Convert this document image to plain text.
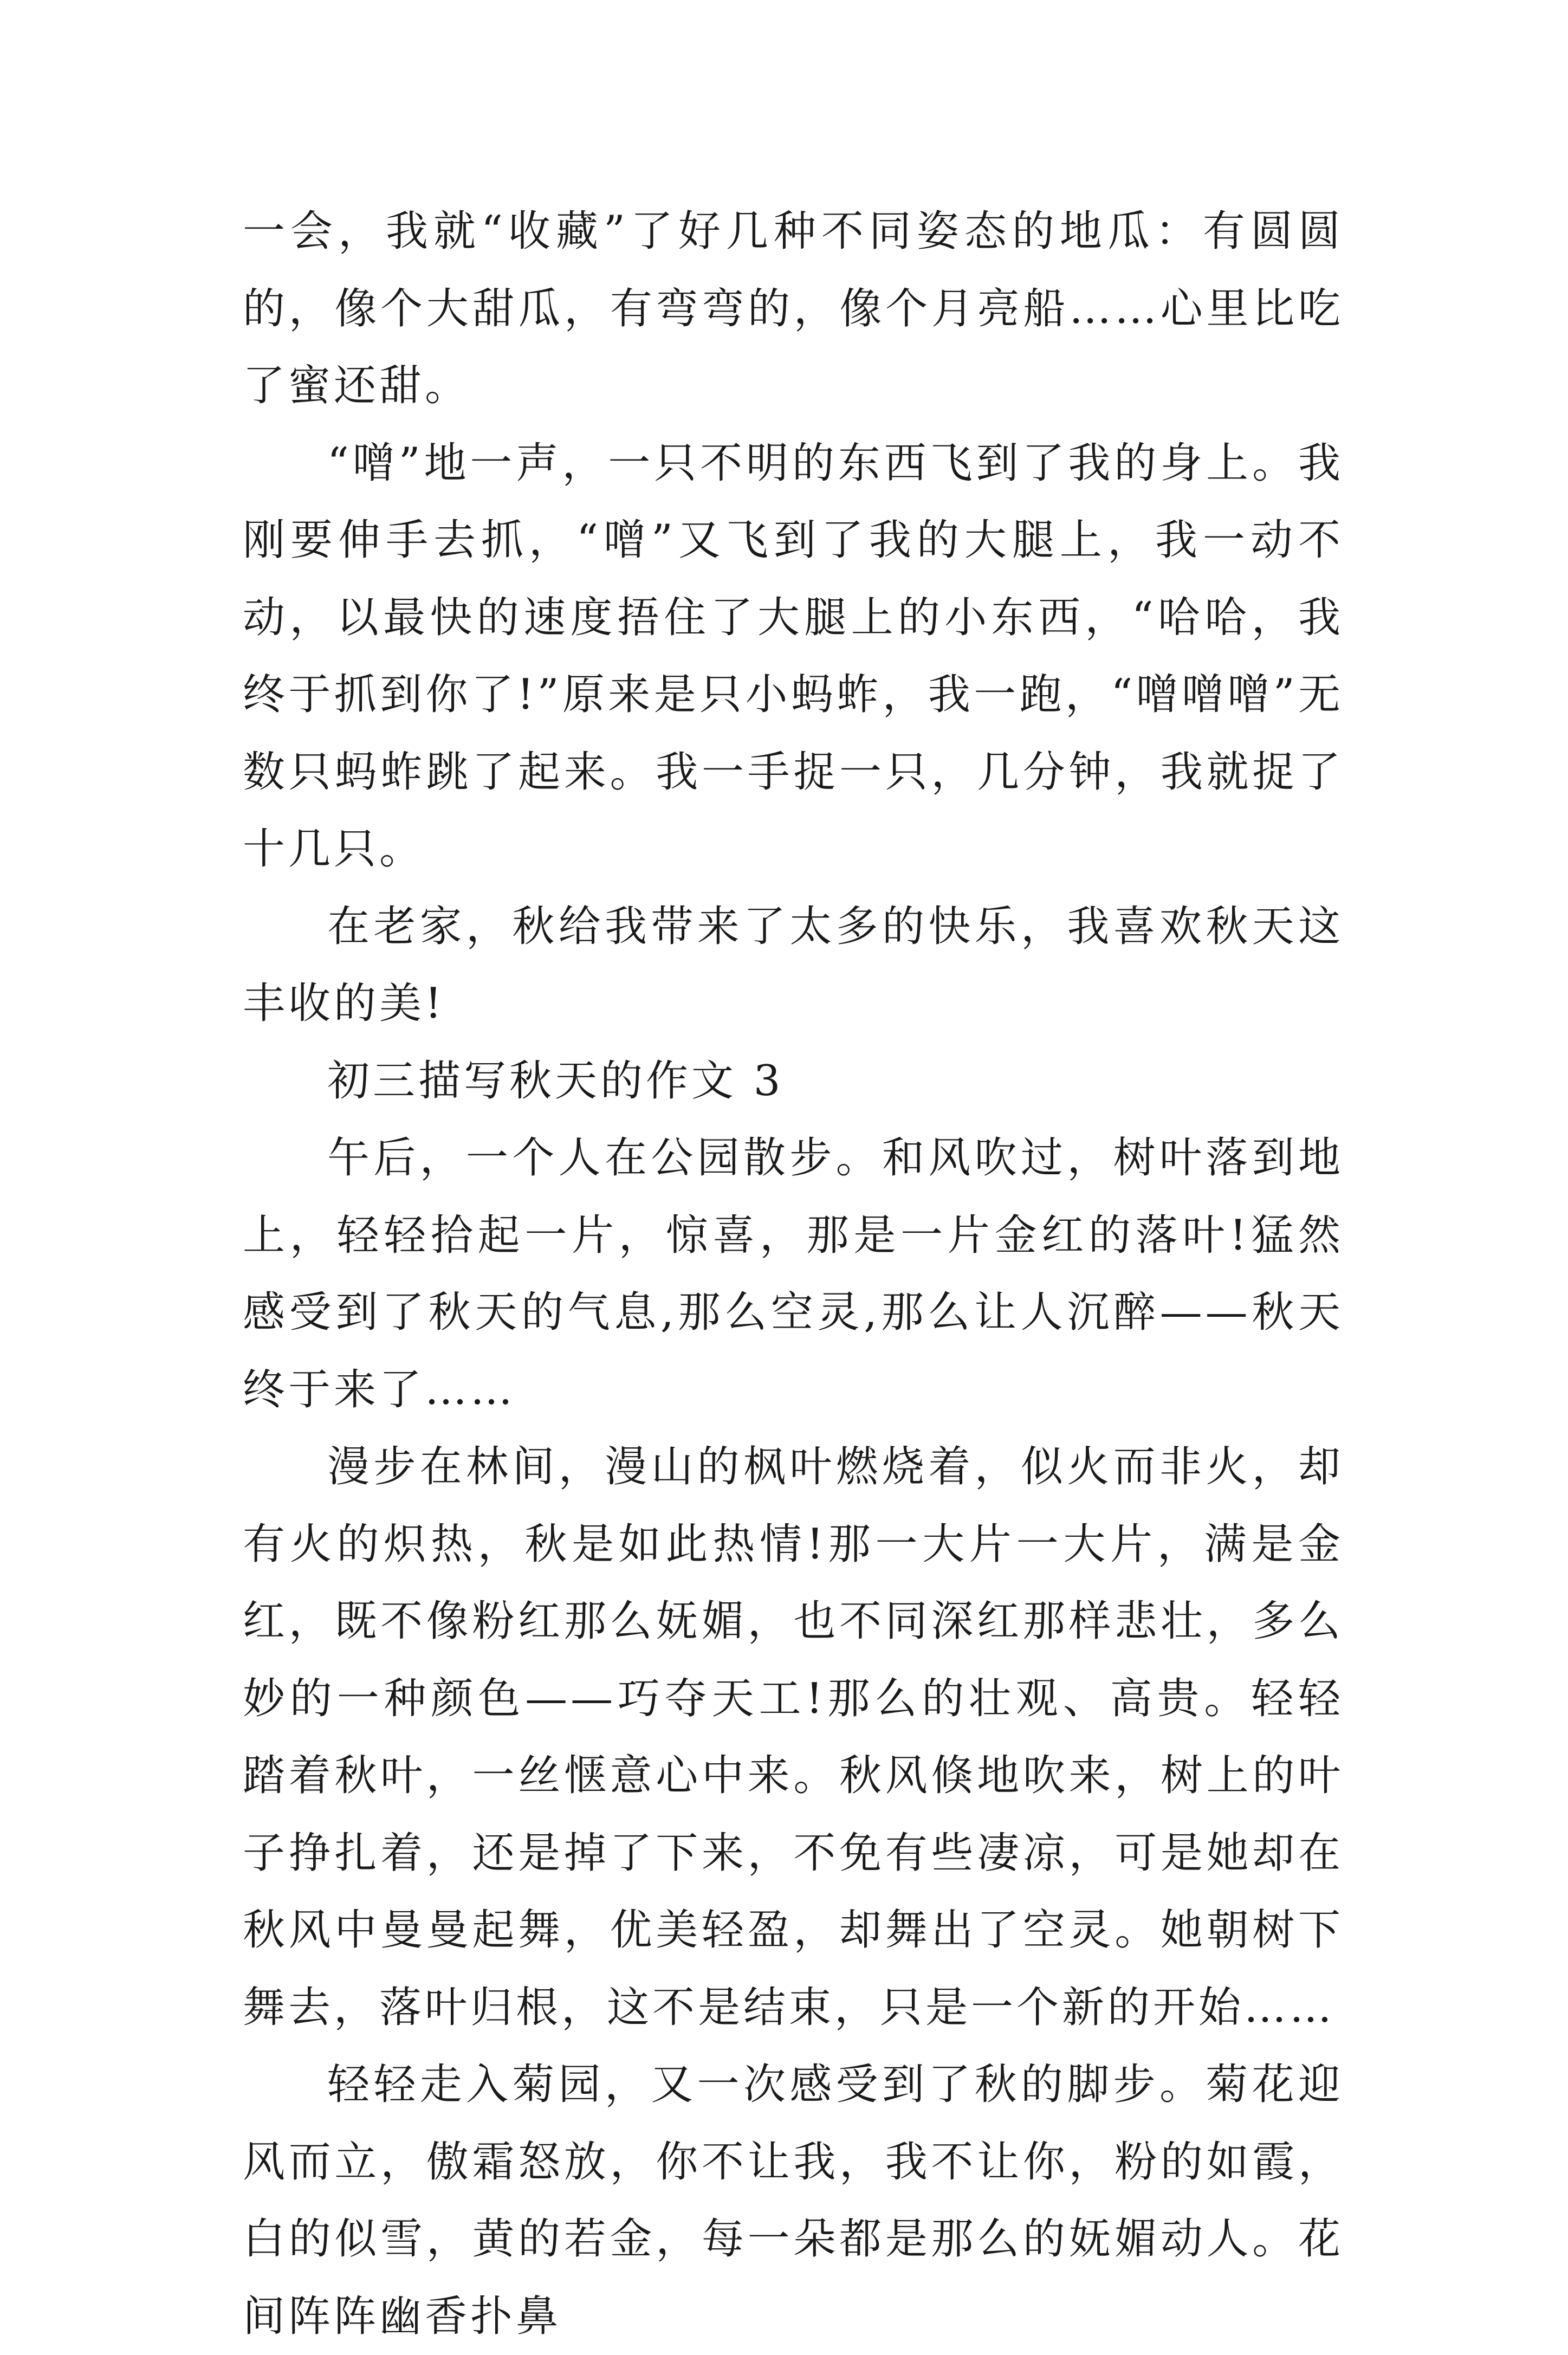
一会，我就“收藏”了好几种不同姿态的地瓜：有圆圆的，像个大甜瓜，有弯弯的，像个月亮船……心里比吃了蜜还甜。

“噌”地一声，一只不明的东西飞到了我的身上。我刚要伸手去抓，“噌”又飞到了我的大腿上，我一动不动，以最快的速度捂住了大腿上的小东西，“哈哈，我终于抓到你了!”原来是只小蚂蚱，我一跑，“噌噌噌”无数只蚂蚱跳了起来。我一手捉一只，几分钟，我就捉了十几只。

在老家，秋给我带来了太多的快乐，我喜欢秋天这丰收的美!

初三描写秋天的作文 3

午后，一个人在公园散步。和风吹过，树叶落到地上，轻轻拾起一片，惊喜，那是一片金红的落叶!猛然感受到了秋天的气息,那么空灵,那么让人沉醉——秋天终于来了……

漫步在林间，漫山的枫叶燃烧着，似火而非火，却有火的炽热，秋是如此热情!那一大片一大片，满是金红，既不像粉红那么妩媚，也不同深红那样悲壮，多么妙的一种颜色——巧夺天工!那么的壮观、高贵。轻轻踏着秋叶，一丝惬意心中来。秋风倏地吹来，树上的叶子挣扎着，还是掉了下来，不免有些凄凉，可是她却在秋风中曼曼起舞，优美轻盈，却舞出了空灵。她朝树下舞去，落叶归根，这不是结束，只是一个新的开始……

轻轻走入菊园，又一次感受到了秋的脚步。菊花迎风而立，傲霜怒放，你不让我，我不让你，粉的如霞，白的似雪，黄的若金，每一朵都是那么的妩媚动人。花间阵阵幽香扑鼻
